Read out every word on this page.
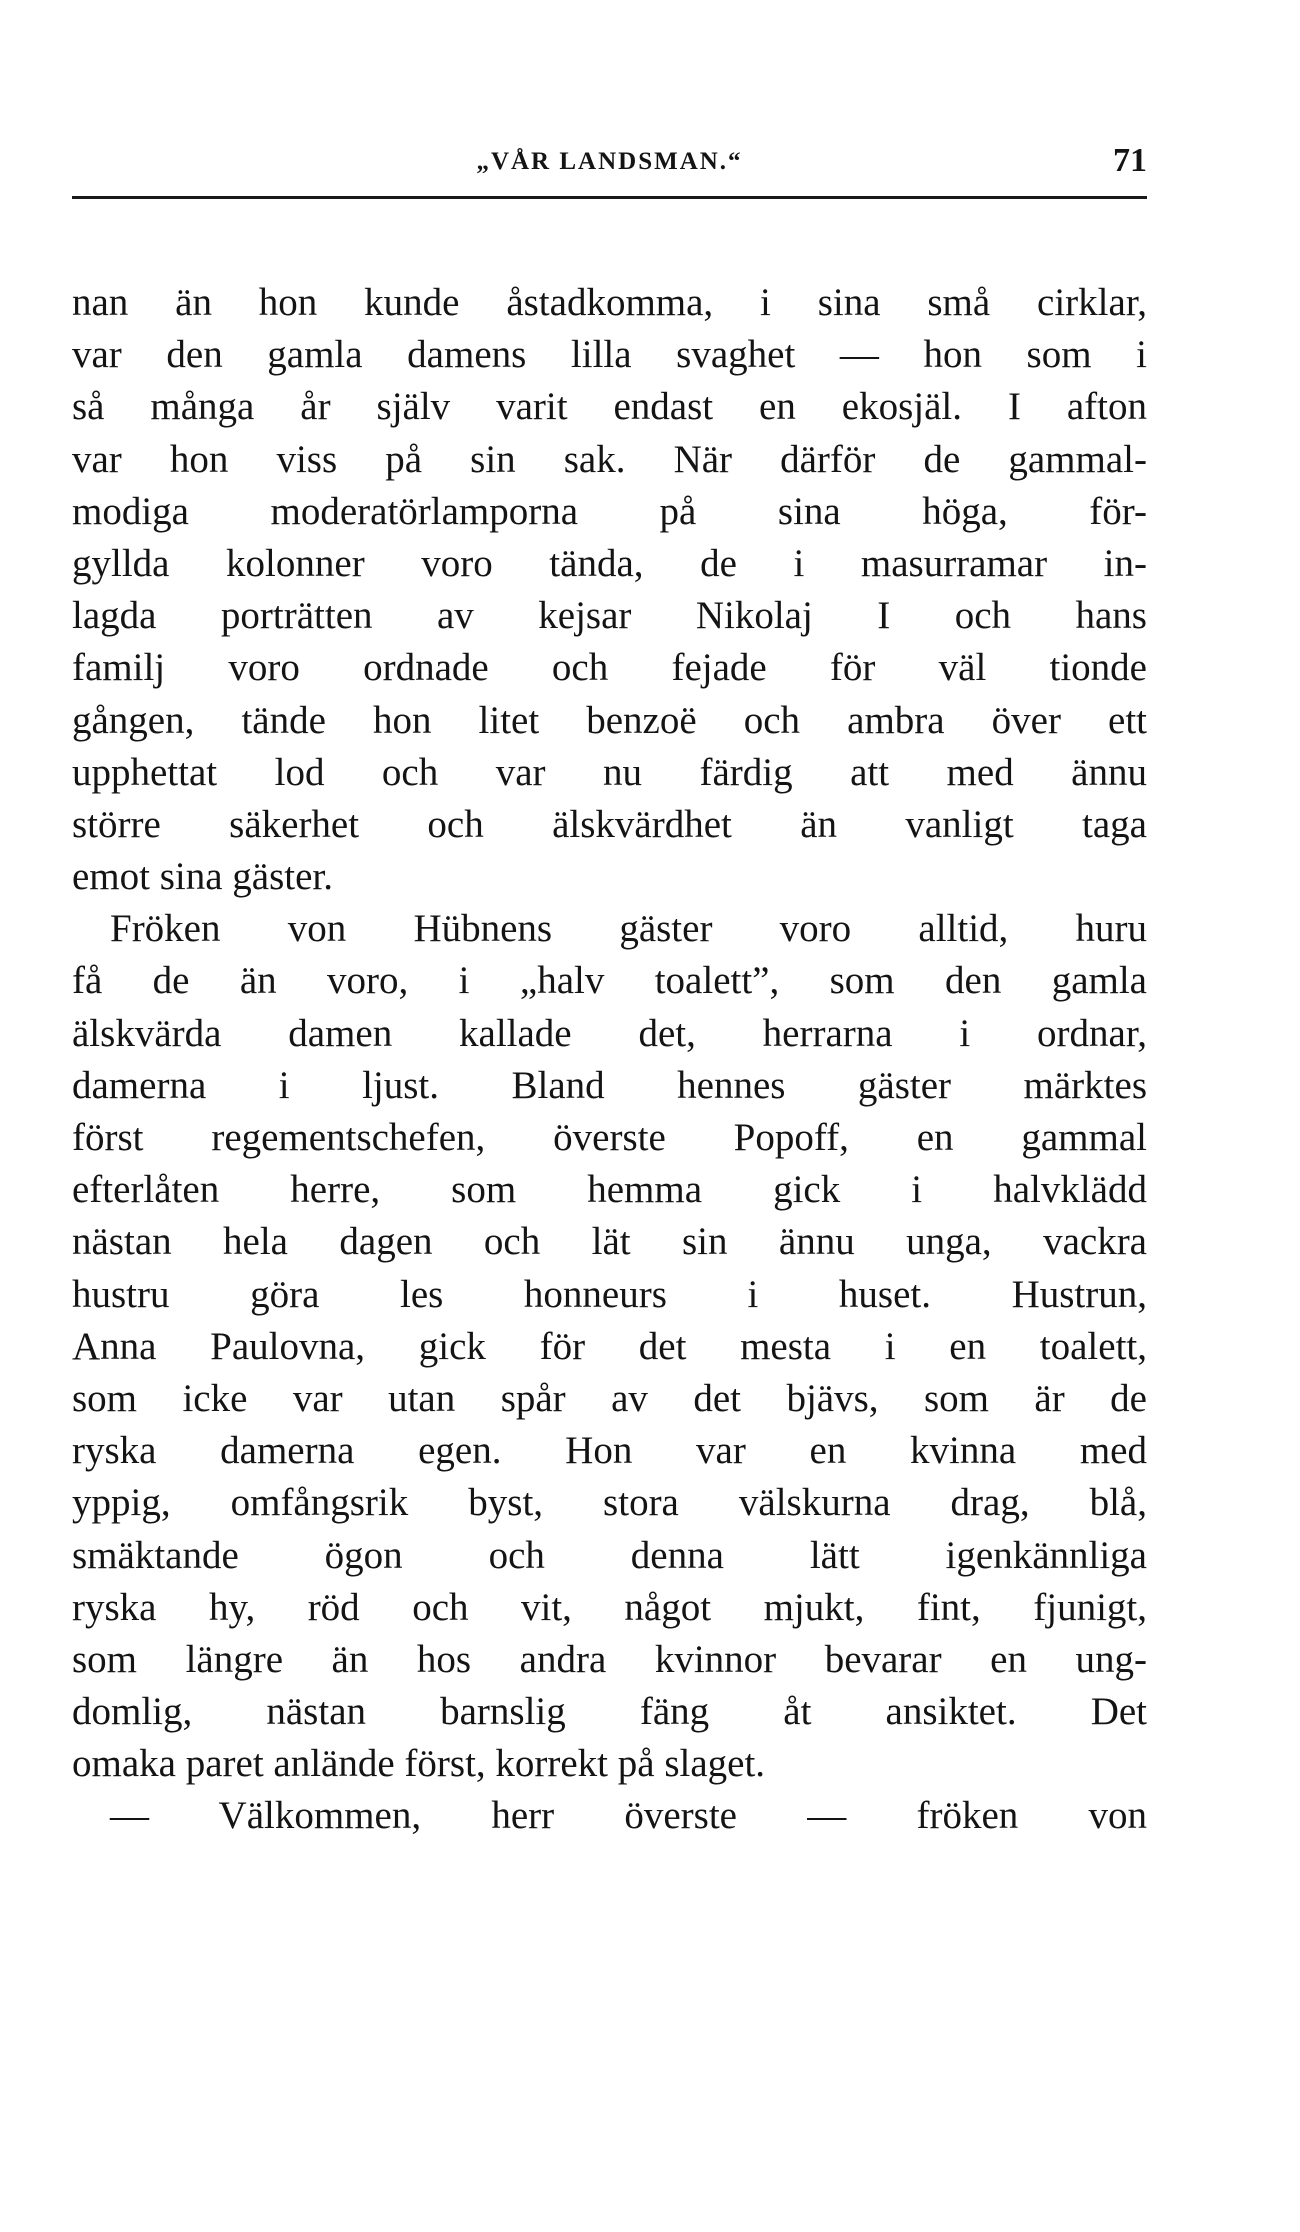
„VÅR LANDSMAN.“	71
nan än hon kunde åstadkomma, i sina små cirklar,
var den gamla damens lilla svaghet — hon som i
så många år själv varit endast en ekosjäl. I afton
var hon viss på sin sak. När därför de gammal-
modiga moderatörlamporna på sina höga, för-
gyllda kolonner voro tända, de i masurramar in-
lagda porträtten av kejsar Nikolaj I och hans
familj voro ordnade och fejade för väl tionde
gången, tände hon litet benzoë och ambra över ett
upphettat lod och var nu färdig att med ännu
större säkerhet och älskvärdhet än vanligt taga
emot sina gäster.
Fröken von Hübnens gäster voro alltid, huru
få de än voro, i „halv toalett”, som den gamla
älskvärda damen kallade det, herrarna i ordnar,
damerna i ljust. Bland hennes gäster märktes
först regementschefen, överste Popoff, en gammal
efterlåten herre, som hemma gick i halvklädd
nästan hela dagen och lät sin ännu unga, vackra
hustru göra les honneurs i huset. Hustrun,
Anna Paulovna, gick för det mesta i en toalett,
som icke var utan spår av det bjävs, som är de
ryska damerna egen. Hon var en kvinna med
yppig, omfångsrik byst, stora välskurna drag, blå,
smäktande ögon och denna lätt igenkännliga
ryska hy, röd och vit, något mjukt, fint, fjunigt,
som längre än hos andra kvinnor bevarar en ung-
domlig, nästan barnslig fäng åt ansiktet. Det
omaka paret anlände först, korrekt på slaget.
— Välkommen, herr överste — fröken von
